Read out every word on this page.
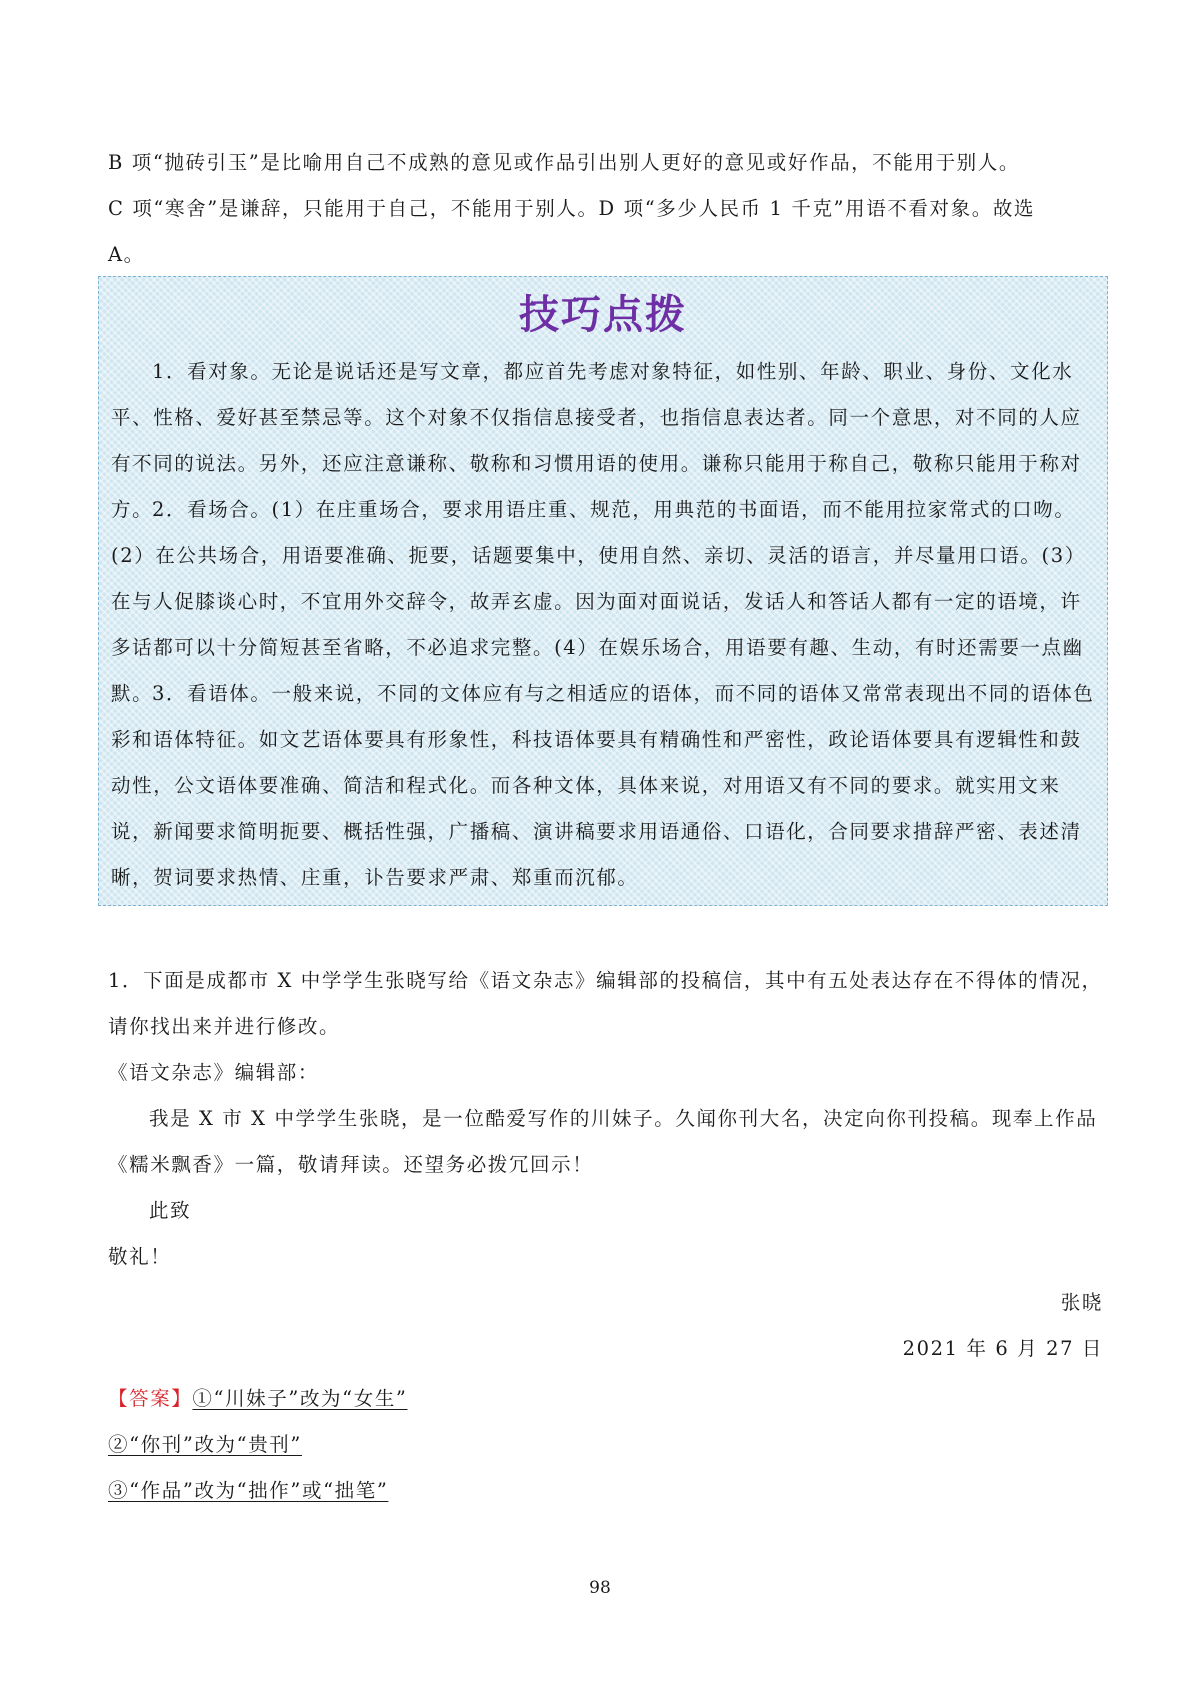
B 项“抛砖引玉”是比喻用自己不成熟的意见或作品引出别人更好的意见或好作品，不能用于别人。
C 项“寒舍”是谦辞，只能用于自己，不能用于别人。D 项“多少人民币 1 千克”用语不看对象。故选
A。
技巧点拨
1．看对象。无论是说话还是写文章，都应首先考虑对象特征，如性别、年龄、职业、身份、文化水平、性格、爱好甚至禁忌等。这个对象不仅指信息接受者，也指信息表达者。同一个意思，对不同的人应有不同的说法。另外，还应注意谦称、敬称和习惯用语的使用。谦称只能用于称自己，敬称只能用于称对方。
2．看场合。(1）在庄重场合，要求用语庄重、规范，用典范的书面语，而不能用拉家常式的口吻。(2）在公共场合，用语要准确、扼要，话题要集中，使用自然、亲切、灵活的语言，并尽量用口语。(3）在与人促膝谈心时，不宜用外交辞令，故弄玄虚。因为面对面说话，发话人和答话人都有一定的语境，许多话都可以十分简短甚至省略，不必追求完整。(4）在娱乐场合，用语要有趣、生动，有时还需要一点幽默。
3．看语体。一般来说，不同的文体应有与之相适应的语体，而不同的语体又常常表现出不同的语体色彩和语体特征。如文艺语体要具有形象性，科技语体要具有精确性和严密性，政论语体要具有逻辑性和鼓动性，公文语体要准确、简洁和程式化。而各种文体，具体来说，对用语又有不同的要求。就实用文来说，新闻要求简明扼要、概括性强，广播稿、演讲稿要求用语通俗、口语化，合同要求措辞严密、表述清晰，贺词要求热情、庄重，讣告要求严肃、郑重而沉郁。
1．下面是成都市 X 中学学生张晓写给《语文杂志》编辑部的投稿信，其中有五处表达存在不得体的情况，请你找出来并进行修改。
《语文杂志》编辑部：
我是 X 市 X 中学学生张晓，是一位酷爱写作的川妹子。久闻你刊大名，决定向你刊投稿。现奉上作品《糯米飘香》一篇，敬请拜读。还望务必拨冗回示！
此致
敬礼！
张晓
2021 年 6 月 27 日
【答案】①“川妹子”改为“女生”
②“你刊”改为“贵刊”
③“作品”改为“拙作”或“拙笔”
98
